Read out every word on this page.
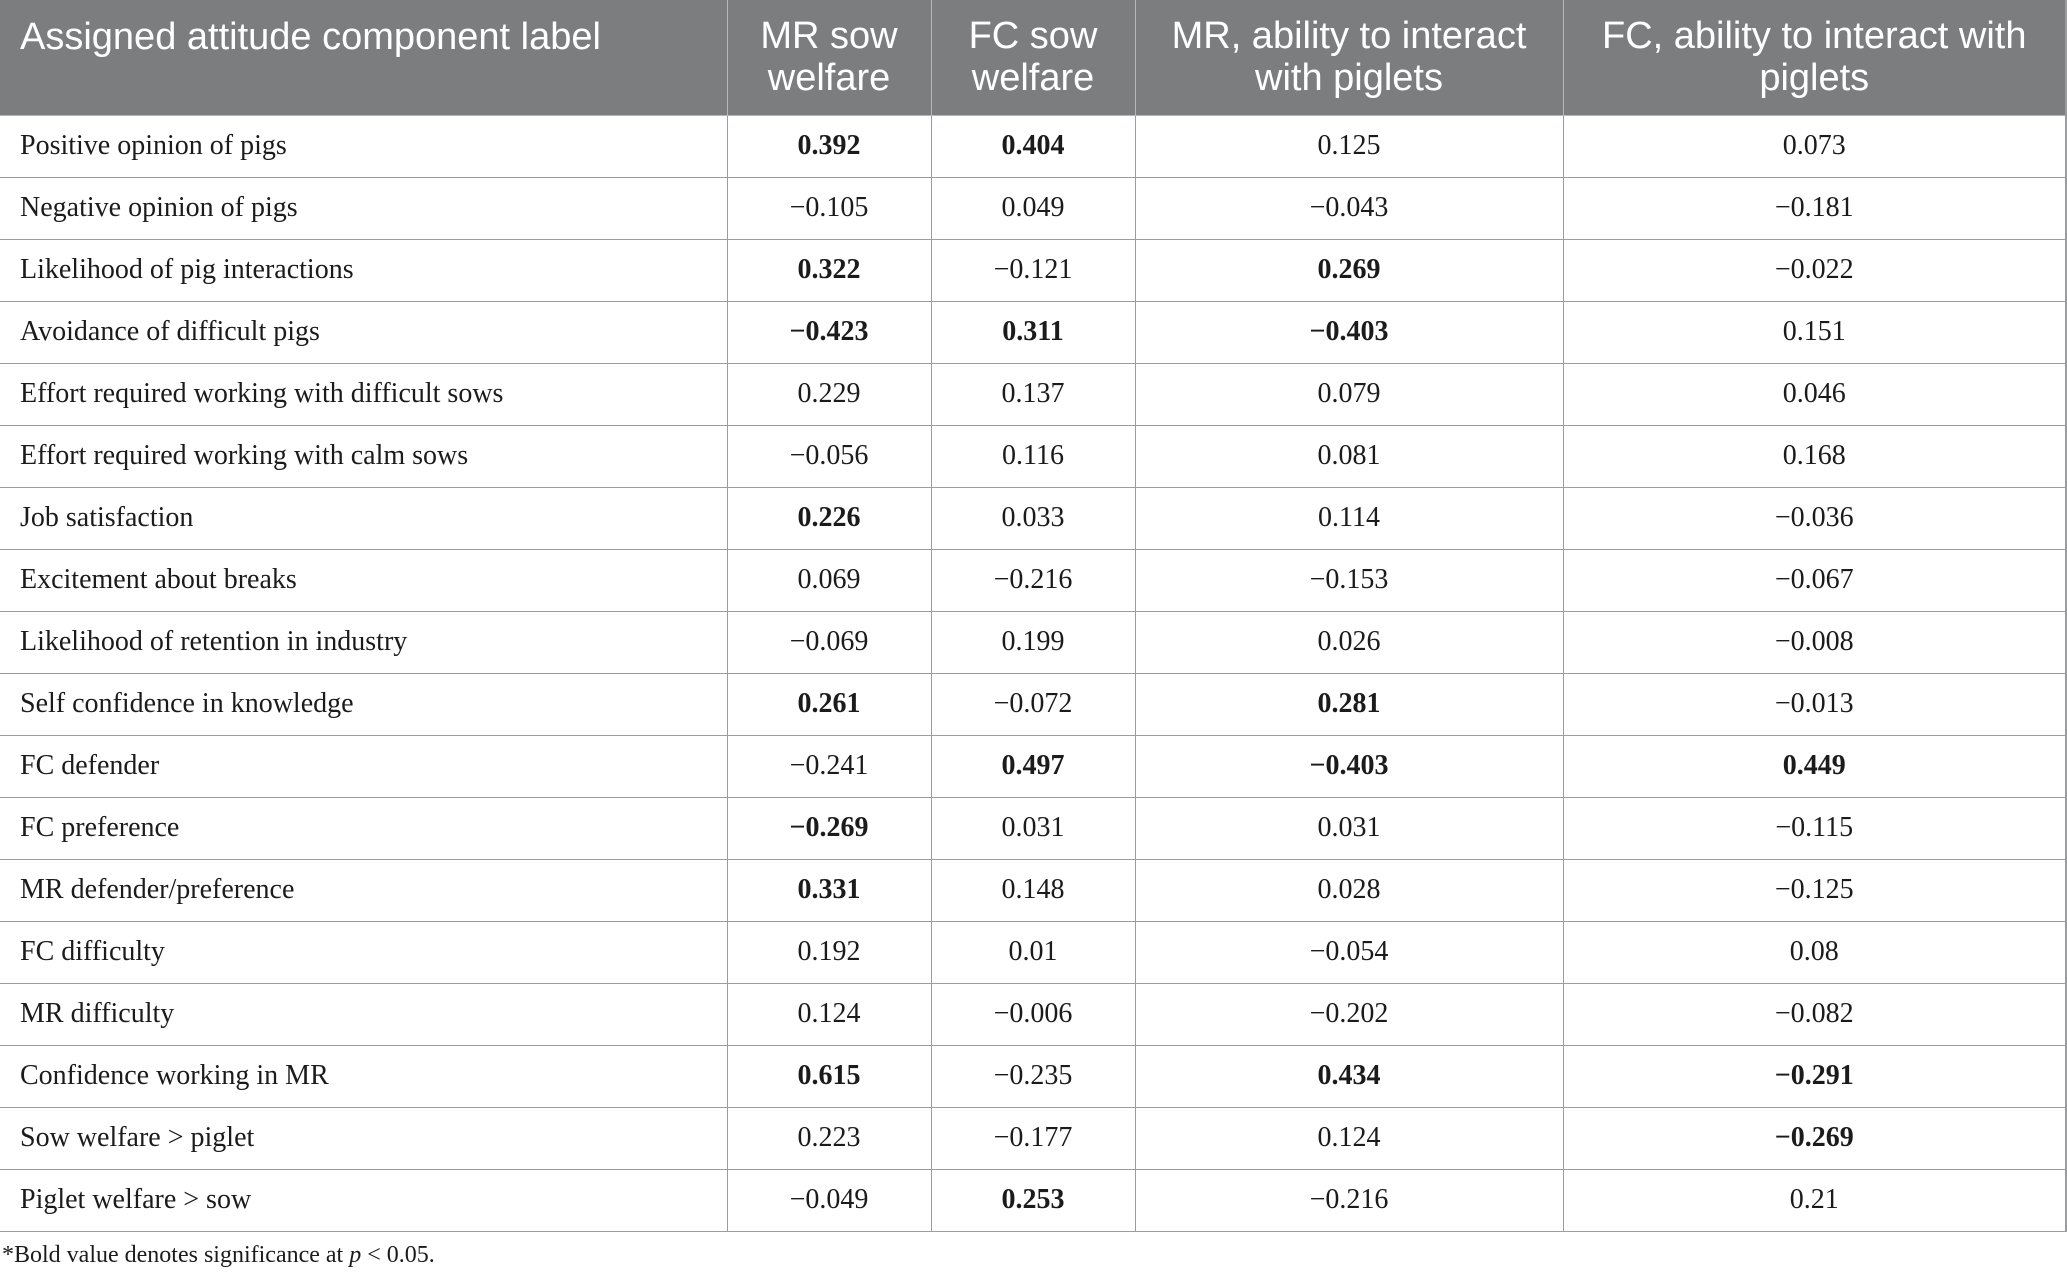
Assigned attitude component label	MR sow welfare	FC sow welfare	MR, ability to interact with piglets	FC, ability to interact with piglets
Positive opinion of pigs	0.392	0.404	0.125	0.073
Negative opinion of pigs	−0.105	0.049	−0.043	−0.181
Likelihood of pig interactions	0.322	−0.121	0.269	−0.022
Avoidance of difficult pigs	−0.423	0.311	−0.403	0.151
Effort required working with difficult sows	0.229	0.137	0.079	0.046
Effort required working with calm sows	−0.056	0.116	0.081	0.168
Job satisfaction	0.226	0.033	0.114	−0.036
Excitement about breaks	0.069	−0.216	−0.153	−0.067
Likelihood of retention in industry	−0.069	0.199	0.026	−0.008
Self confidence in knowledge	0.261	−0.072	0.281	−0.013
FC defender	−0.241	0.497	−0.403	0.449
FC preference	−0.269	0.031	0.031	−0.115
MR defender/preference	0.331	0.148	0.028	−0.125
FC difficulty	0.192	0.01	−0.054	0.08
MR difficulty	0.124	−0.006	−0.202	−0.082
Confidence working in MR	0.615	−0.235	0.434	−0.291
Sow welfare > piglet	0.223	−0.177	0.124	−0.269
Piglet welfare > sow	−0.049	0.253	−0.216	0.21
*Bold value denotes significance at p < 0.05.
